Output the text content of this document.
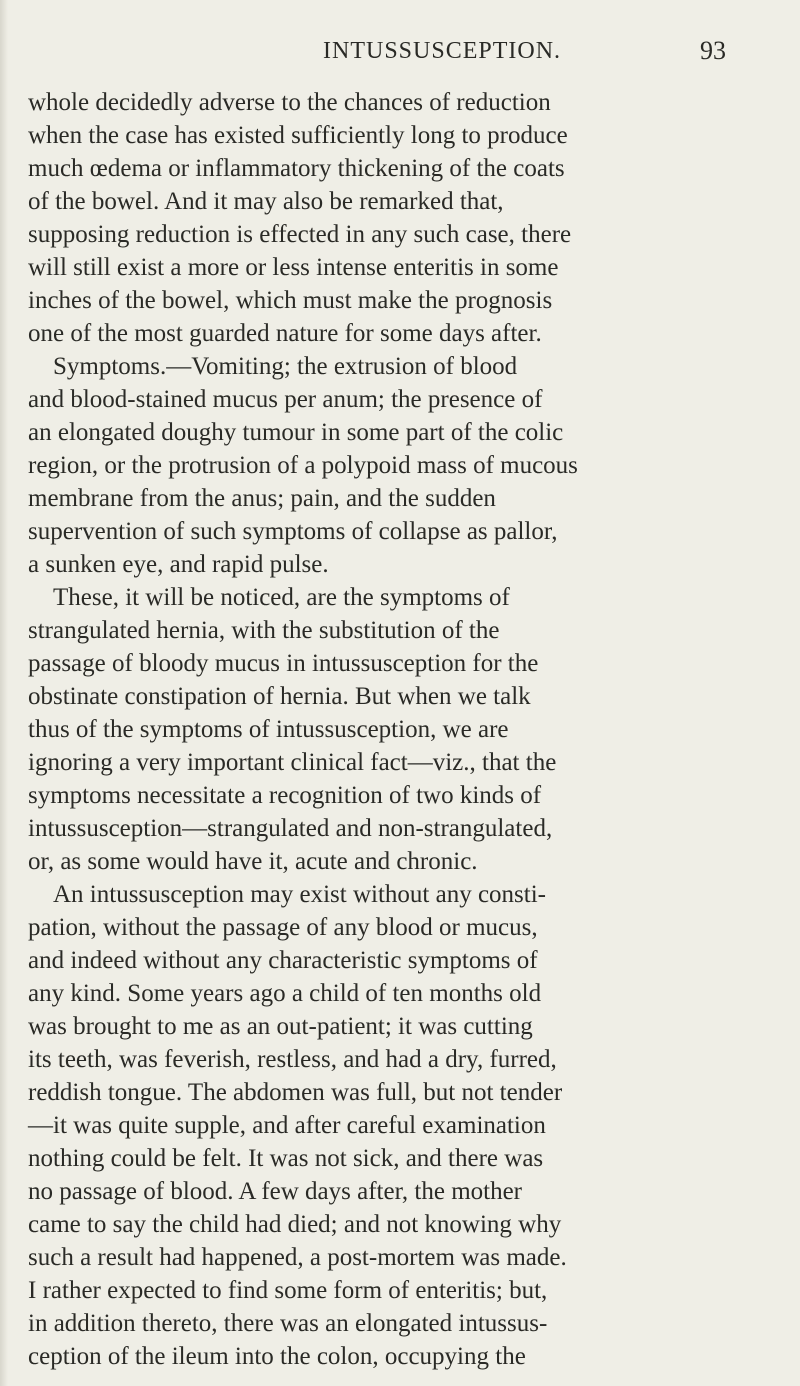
INTUSSUSCEPTION.	93
whole decidedly adverse to the chances of reduction
when the case has existed sufficiently long to produce
much œdema or inflammatory thickening of the coats
of the bowel. And it may also be remarked that,
supposing reduction is effected in any such case, there
will still exist a more or less intense enteritis in some
inches of the bowel, which must make the prognosis
one of the most guarded nature for some days after.
Symptoms.—Vomiting; the extrusion of blood
and blood-stained mucus per anum; the presence of
an elongated doughy tumour in some part of the colic
region, or the protrusion of a polypoid mass of mucous
membrane from the anus; pain, and the sudden
supervention of such symptoms of collapse as pallor,
a sunken eye, and rapid pulse.
These, it will be noticed, are the symptoms of
strangulated hernia, with the substitution of the
passage of bloody mucus in intussusception for the
obstinate constipation of hernia. But when we talk
thus of the symptoms of intussusception, we are
ignoring a very important clinical fact—viz., that the
symptoms necessitate a recognition of two kinds of
intussusception—strangulated and non-strangulated,
or, as some would have it, acute and chronic.
An intussusception may exist without any consti-
pation, without the passage of any blood or mucus,
and indeed without any characteristic symptoms of
any kind. Some years ago a child of ten months old
was brought to me as an out-patient; it was cutting
its teeth, was feverish, restless, and had a dry, furred,
reddish tongue. The abdomen was full, but not tender
—it was quite supple, and after careful examination
nothing could be felt. It was not sick, and there was
no passage of blood. A few days after, the mother
came to say the child had died; and not knowing why
such a result had happened, a post-mortem was made.
I rather expected to find some form of enteritis; but,
in addition thereto, there was an elongated intussus-
ception of the ileum into the colon, occupying the
